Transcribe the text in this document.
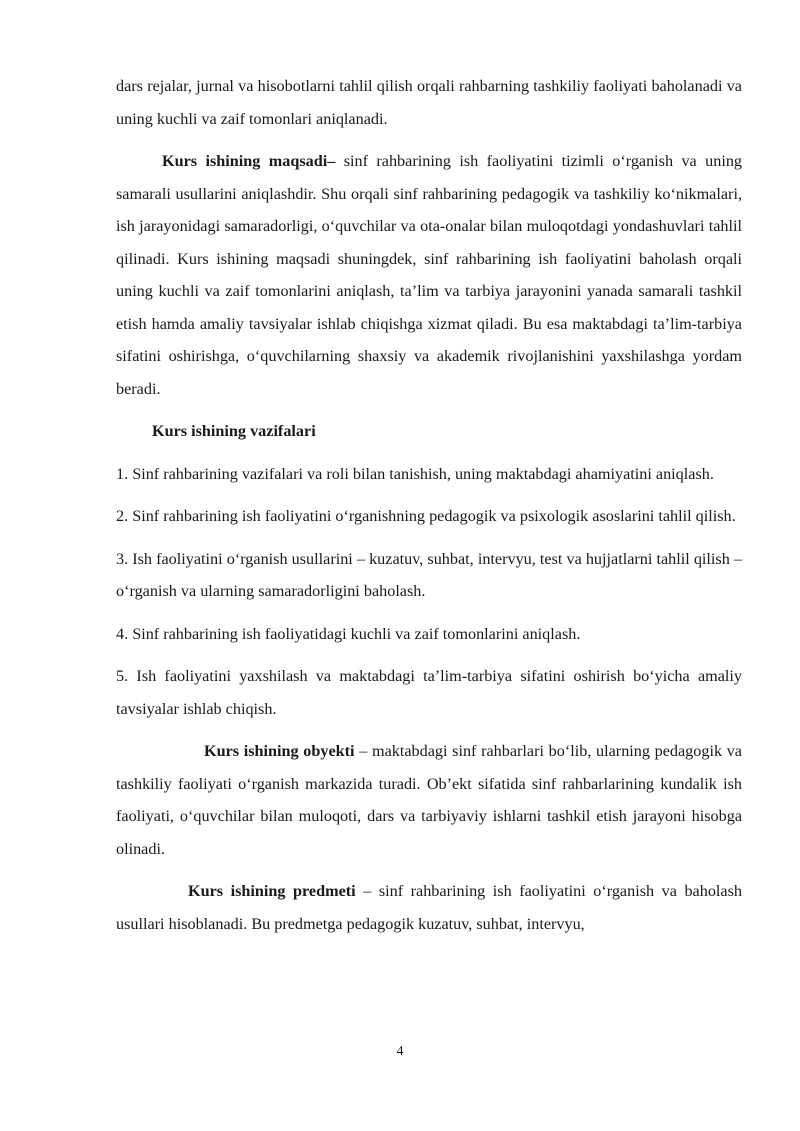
dars rejalar, jurnal va hisobotlarni tahlil qilish orqali rahbarning tashkiliy faoliyati baholanadi va uning kuchli va zaif tomonlari aniqlanadi.

Kurs ishining maqsadi– sinf rahbarining ish faoliyatini tizimli o‘rganish va uning samarali usullarini aniqlashdir. Shu orqali sinf rahbarining pedagogik va tashkiliy ko‘nikmalari, ish jarayonidagi samaradorligi, o‘quvchilar va ota-onalar bilan muloqotdagi yondashuvlari tahlil qilinadi. Kurs ishining maqsadi shuningdek, sinf rahbarining ish faoliyatini baholash orqali uning kuchli va zaif tomonlarini aniqlash, ta’lim va tarbiya jarayonini yanada samarali tashkil etish hamda amaliy tavsiyalar ishlab chiqishga xizmat qiladi. Bu esa maktabdagi ta’lim-tarbiya sifatini oshirishga, o‘quvchilarning shaxsiy va akademik rivojlanishini yaxshilashga yordam beradi.

Kurs ishining vazifalari

1. Sinf rahbarining vazifalari va roli bilan tanishish, uning maktabdagi ahamiyatini aniqlash.

2. Sinf rahbarining ish faoliyatini o‘rganishning pedagogik va psixologik asoslarini tahlil qilish.

3. Ish faoliyatini o‘rganish usullarini – kuzatuv, suhbat, intervyu, test va hujjatlarni tahlil qilish – o‘rganish va ularning samaradorligini baholash.

4. Sinf rahbarining ish faoliyatidagi kuchli va zaif tomonlarini aniqlash.

5. Ish faoliyatini yaxshilash va maktabdagi ta’lim-tarbiya sifatini oshirish bo‘yicha amaliy tavsiyalar ishlab chiqish.

Kurs ishining obyekti – maktabdagi sinf rahbarlari bo‘lib, ularning pedagogik va tashkiliy faoliyati o‘rganish markazida turadi. Ob’ekt sifatida sinf rahbarlarining kundalik ish faoliyati, o‘quvchilar bilan muloqoti, dars va tarbiyaviy ishlarni tashkil etish jarayoni hisobga olinadi.

Kurs ishining predmeti – sinf rahbarining ish faoliyatini o‘rganish va baholash usullari hisoblanadi. Bu predmetga pedagogik kuzatuv, suhbat, intervyu,

4
